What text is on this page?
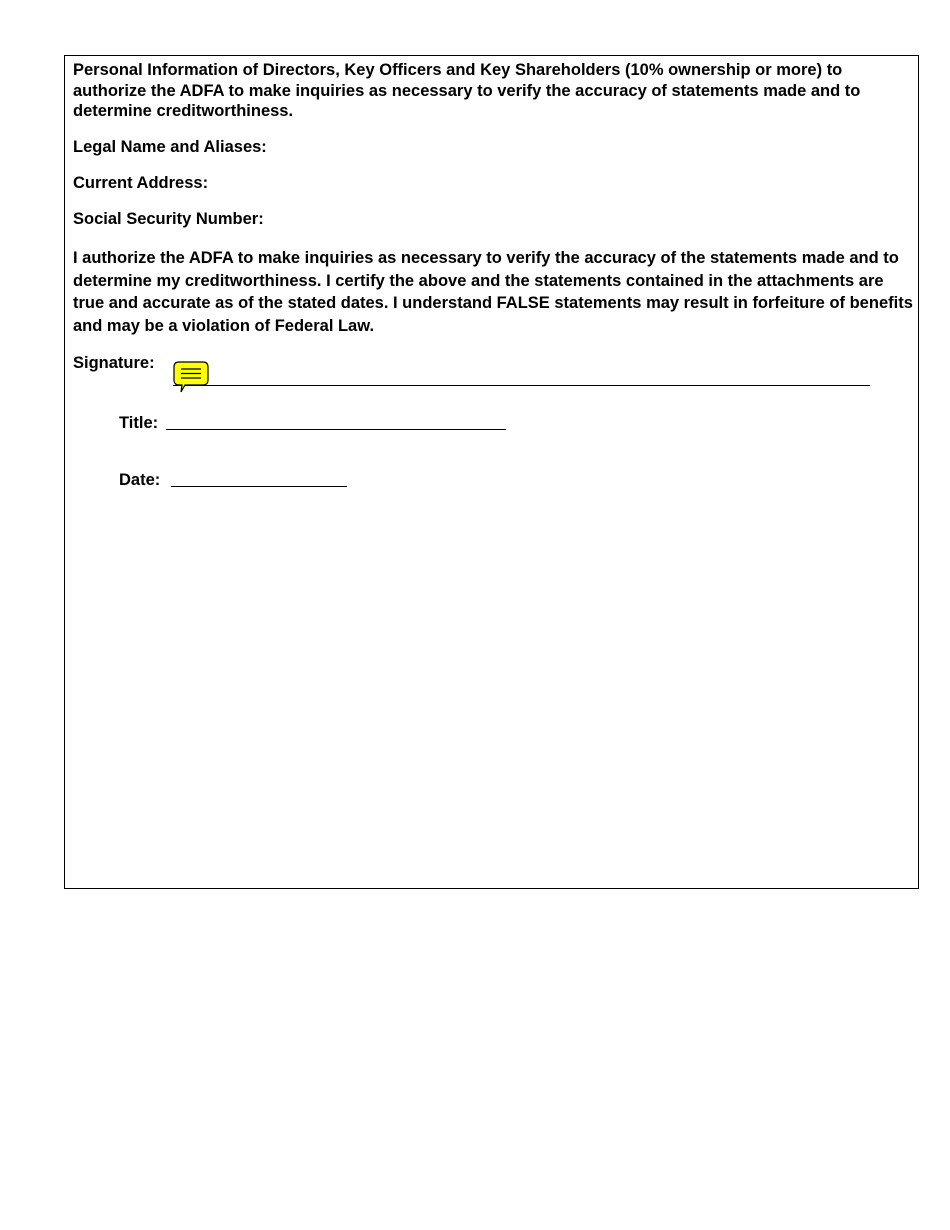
Personal Information of Directors, Key Officers and Key Shareholders (10% ownership or more) to authorize the ADFA to make inquiries as necessary to verify the accuracy of statements made and to determine creditworthiness.
Legal Name and Aliases:
Current Address:
Social Security Number:
I authorize the ADFA to make inquiries as necessary to verify the accuracy of the statements made and to determine my creditworthiness. I certify the above and the statements contained in the attachments are true and accurate as of the stated dates. I understand FALSE statements may result in forfeiture of benefits and may be a violation of Federal Law.
Signature:
Title:
Date:
